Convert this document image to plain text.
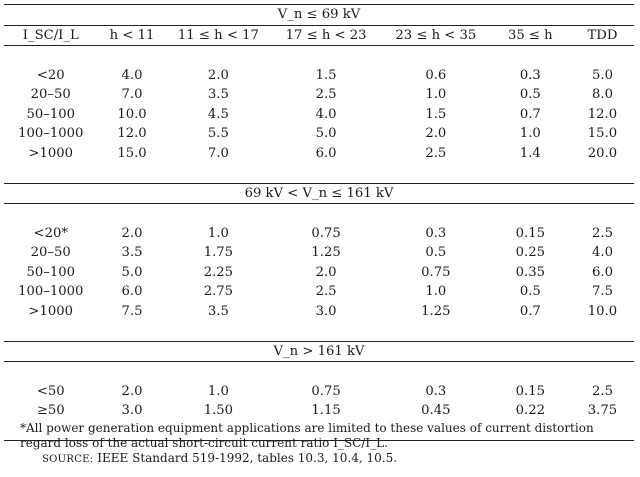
V_n ≤ 69 kV						
I_SC/I_L	h < 11	11 ≤ h < 17	17 ≤ h < 23	23 ≤ h < 35	35 ≤ h	TDD

<20	4.0	2.0	1.5	0.6	0.3	5.0
20–50	7.0	3.5	2.5	1.0	0.5	8.0
50–100	10.0	4.5	4.0	1.5	0.7	12.0
100–1000	12.0	5.5	5.0	2.0	1.0	15.0
>1000	15.0	7.0	6.0	2.5	1.4	20.0

69 kV < V_n ≤ 161 kV						

<20*	2.0	1.0	0.75	0.3	0.15	2.5
20–50	3.5	1.75	1.25	0.5	0.25	4.0
50–100	5.0	2.25	2.0	0.75	0.35	6.0
100–1000	6.0	2.75	2.5	1.0	0.5	7.5
>1000	7.5	3.5	3.0	1.25	0.7	10.0

V_n > 161 kV						

<50	2.0	1.0	0.75	0.3	0.15	2.5
≥50	3.0	1.50	1.15	0.45	0.22	3.75

*All power generation equipment applications are limited to these values of current distortion regard loss of the actual short-circuit current ratio I_SC/I_L.
SOURCE: IEEE Standard 519-1992, tables 10.3, 10.4, 10.5.
